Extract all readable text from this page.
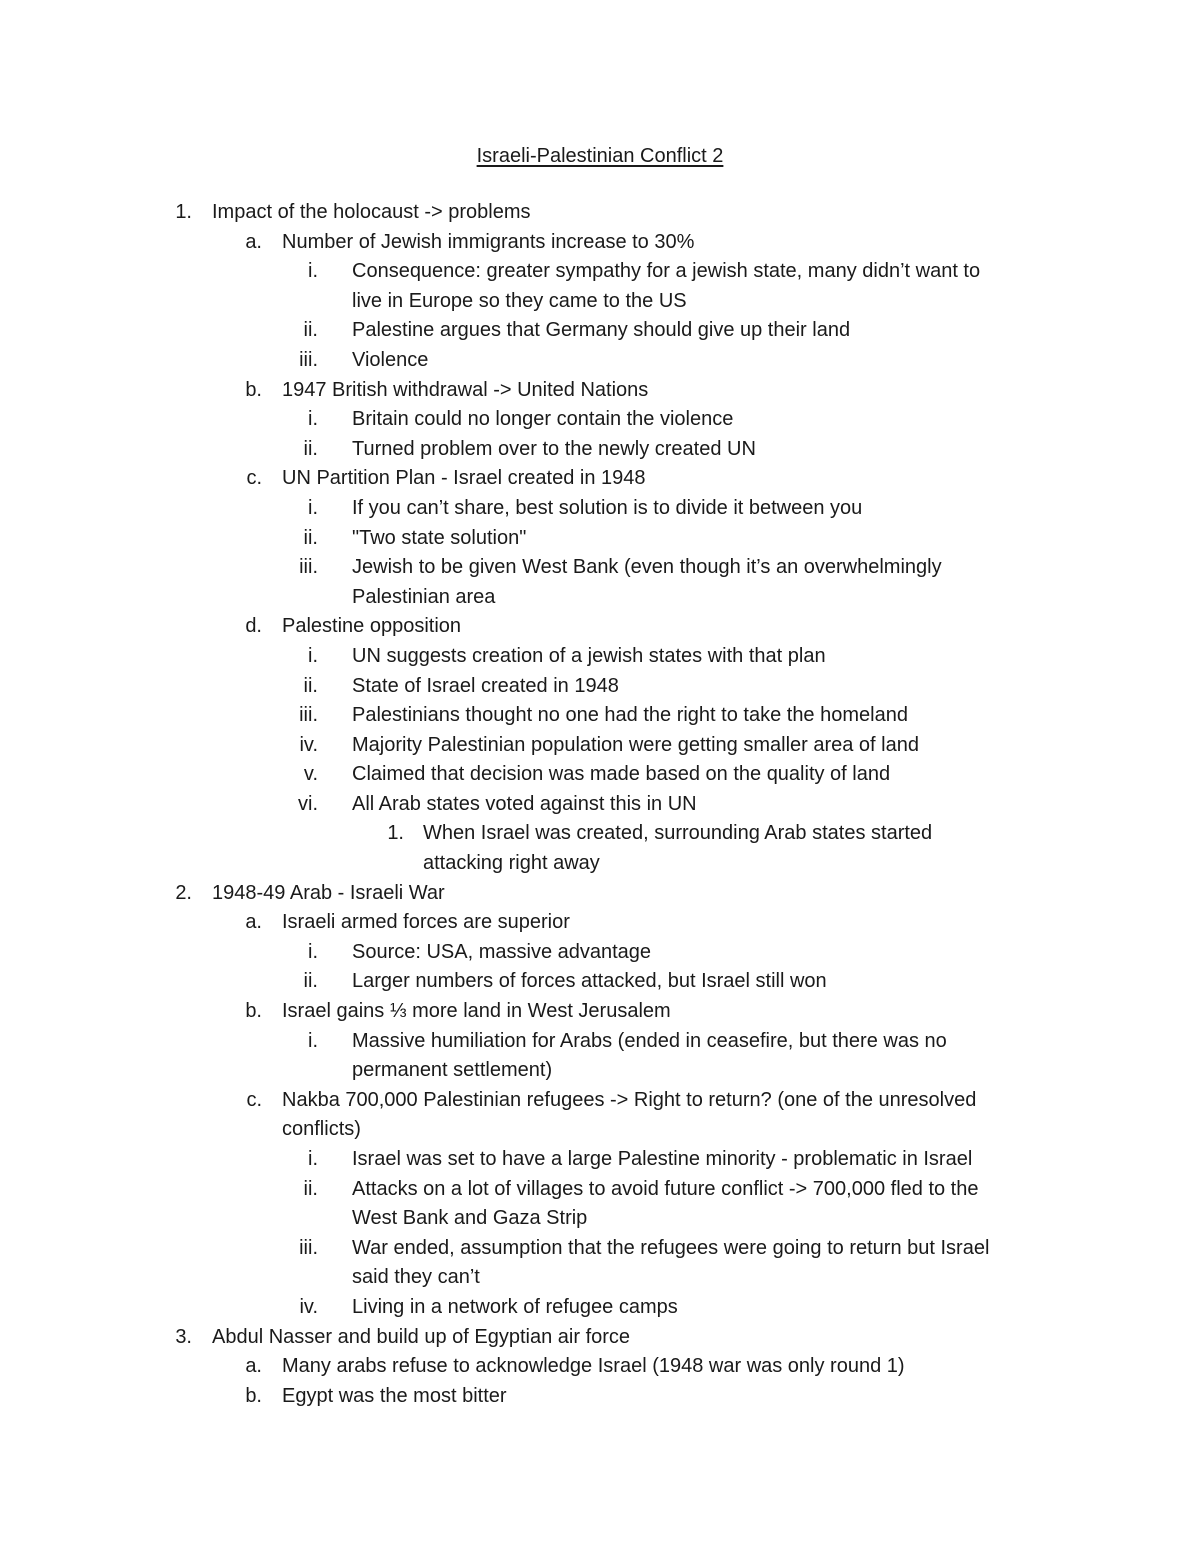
Israeli-Palestinian Conflict 2
1. Impact of the holocaust -> problems
a. Number of Jewish immigrants increase to 30%
i. Consequence: greater sympathy for a jewish state, many didn’t want to
live in Europe so they came to the US
ii. Palestine argues that Germany should give up their land
iii. Violence
b. 1947 British withdrawal -> United Nations
i. Britain could no longer contain the violence
ii. Turned problem over to the newly created UN
c. UN Partition Plan - Israel created in 1948
i. If you can’t share, best solution is to divide it between you
ii. "Two state solution"
iii. Jewish to be given West Bank (even though it’s an overwhelmingly
Palestinian area
d. Palestine opposition
i. UN suggests creation of a jewish states with that plan
ii. State of Israel created in 1948
iii. Palestinians thought no one had the right to take the homeland
iv. Majority Palestinian population were getting smaller area of land
v. Claimed that decision was made based on the quality of land
vi. All Arab states voted against this in UN
1. When Israel was created, surrounding Arab states started
attacking right away
2. 1948-49 Arab - Israeli War
a. Israeli armed forces are superior
i. Source: USA, massive advantage
ii. Larger numbers of forces attacked, but Israel still won
b. Israel gains ⅓ more land in West Jerusalem
i. Massive humiliation for Arabs (ended in ceasefire, but there was no
permanent settlement)
c. Nakba 700,000 Palestinian refugees -> Right to return? (one of the unresolved
conflicts)
i. Israel was set to have a large Palestine minority - problematic in Israel
ii. Attacks on a lot of villages to avoid future conflict -> 700,000 fled to the
West Bank and Gaza Strip
iii. War ended, assumption that the refugees were going to return but Israel
said they can’t
iv. Living in a network of refugee camps
3. Abdul Nasser and build up of Egyptian air force
a. Many arabs refuse to acknowledge Israel (1948 war was only round 1)
b. Egypt was the most bitter
